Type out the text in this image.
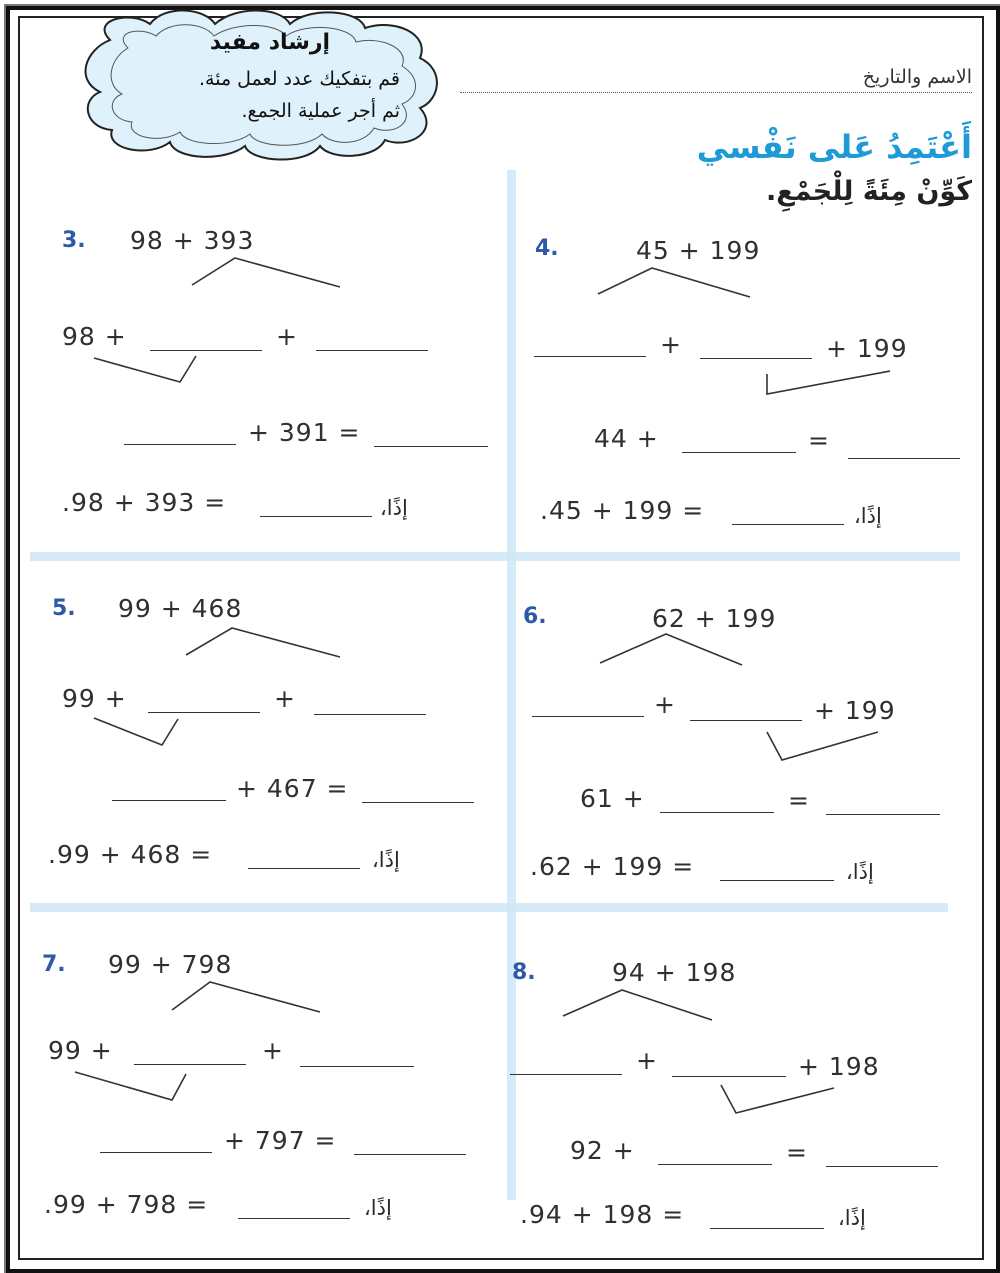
إرشاد مفيد
قم بتفكيك عدد لعمل مئة.
ثم أجر عملية الجمع.
الاسم والتاريخ
أَعْتَمِدُ عَلى نَفْسي
كَوِّنْ مِئَةً لِلْجَمْعِ.
3. 98 + 393
98 +	+
+ 391 =
.98 + 393 =	إذًا،
4.	45 + 199
+	+ 199
44 +	=
.45 + 199 =	إذًا،
5. 99 + 468
99 +	+
+ 467 =
.99 + 468 =	إذًا،
6.	62 + 199
+	+ 199
61 +	=
.62 + 199 =	إذًا،
7. 99 + 798
99 +	+
+ 797 =
.99 + 798 =	إذًا،
8.	94 + 198
+	+ 198
92 +	=
.94 + 198 =	إذًا،
